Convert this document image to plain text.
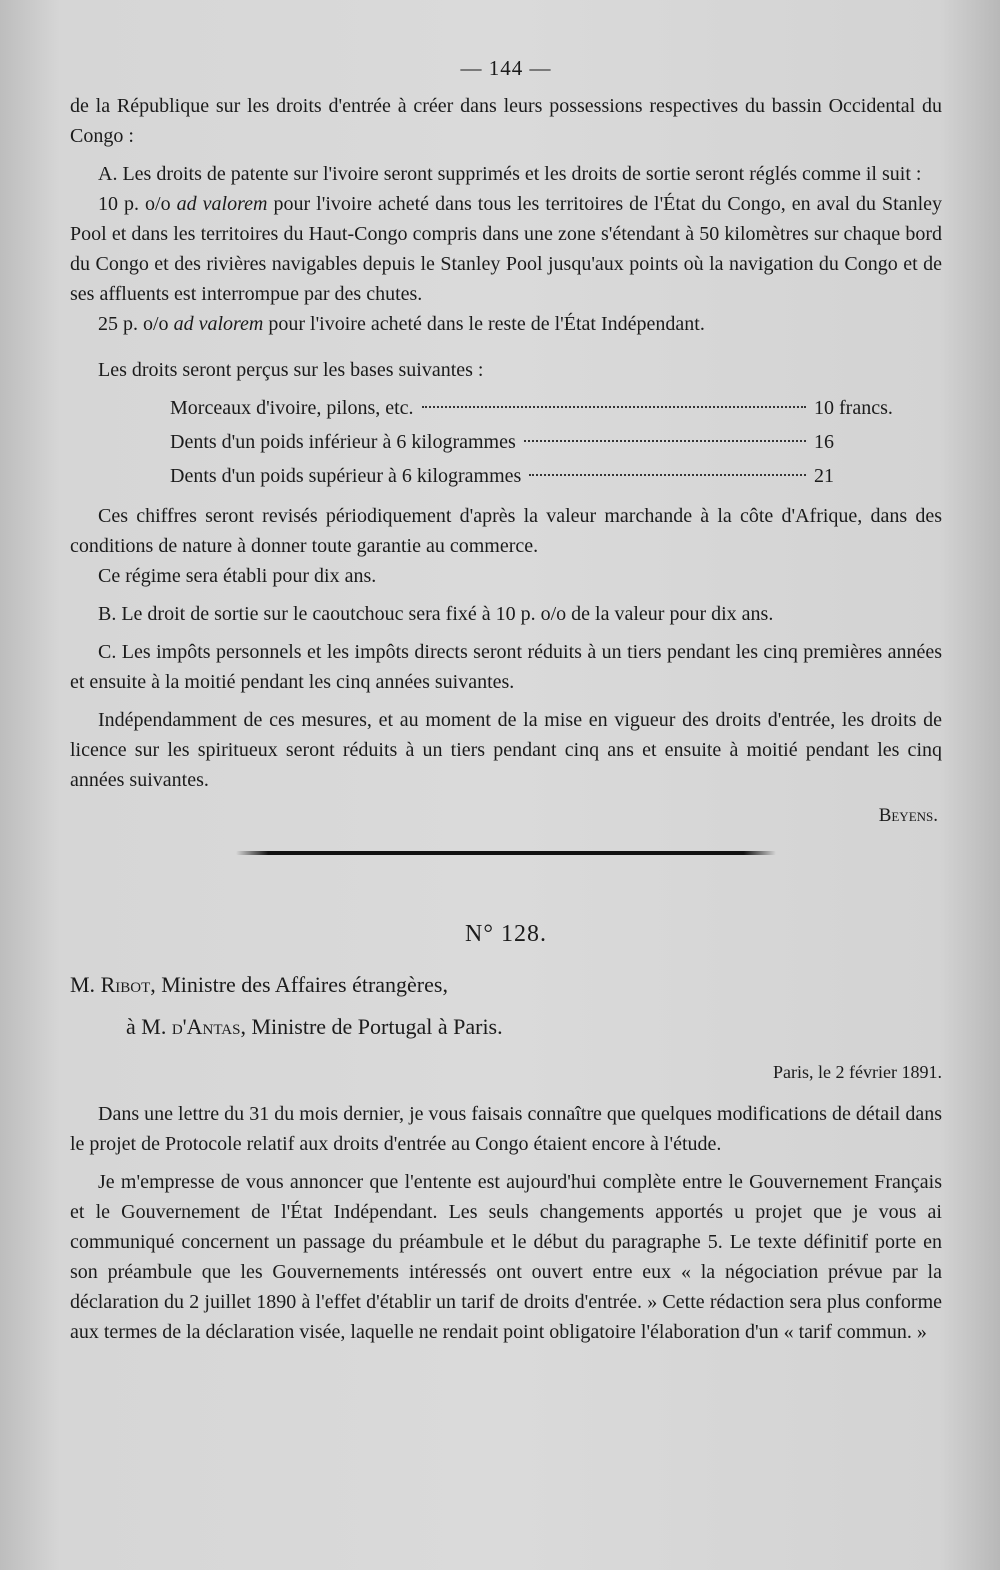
— 144 —

de la République sur les droits d'entrée à créer dans leurs possessions respectives du bassin Occidental du Congo :

A. Les droits de patente sur l'ivoire seront supprimés et les droits de sortie seront réglés comme il suit :

10 p. o/o ad valorem pour l'ivoire acheté dans tous les territoires de l'État du Congo, en aval du Stanley Pool et dans les territoires du Haut-Congo compris dans une zone s'étendant à 50 kilomètres sur chaque bord du Congo et des rivières navigables depuis le Stanley Pool jusqu'aux points où la navigation du Congo et de ses affluents est interrompue par des chutes.

25 p. o/o ad valorem pour l'ivoire acheté dans le reste de l'État Indépendant.

Les droits seront perçus sur les bases suivantes :

Morceaux d'ivoire, pilons, etc.	10 francs.
Dents d'un poids inférieur à 6 kilogrammes	16
Dents d'un poids supérieur à 6 kilogrammes	21

Ces chiffres seront revisés périodiquement d'après la valeur marchande à la côte d'Afrique, dans des conditions de nature à donner toute garantie au commerce.

Ce régime sera établi pour dix ans.

B. Le droit de sortie sur le caoutchouc sera fixé à 10 p. o/o de la valeur pour dix ans.

C. Les impôts personnels et les impôts directs seront réduits à un tiers pendant les cinq premières années et ensuite à la moitié pendant les cinq années suivantes.

Indépendamment de ces mesures, et au moment de la mise en vigueur des droits d'entrée, les droits de licence sur les spiritueux seront réduits à un tiers pendant cinq ans et ensuite à moitié pendant les cinq années suivantes.

Beyens.
N° 128.
M. Ribot, Ministre des Affaires étrangères,
à M. d'Antas, Ministre de Portugal à Paris.
Paris, le 2 février 1891.

Dans une lettre du 31 du mois dernier, je vous faisais connaître que quelques modifications de détail dans le projet de Protocole relatif aux droits d'entrée au Congo étaient encore à l'étude.

Je m'empresse de vous annoncer que l'entente est aujourd'hui complète entre le Gouvernement Français et le Gouvernement de l'État Indépendant. Les seuls changements apportés u projet que je vous ai communiqué concernent un passage du préambule et le début du paragraphe 5. Le texte définitif porte en son préambule que les Gouvernements intéressés ont ouvert entre eux « la négociation prévue par la déclaration du 2 juillet 1890 à l'effet d'établir un tarif de droits d'entrée. » Cette rédaction sera plus conforme aux termes de la déclaration visée, laquelle ne rendait point obligatoire l'élaboration d'un « tarif commun. »
